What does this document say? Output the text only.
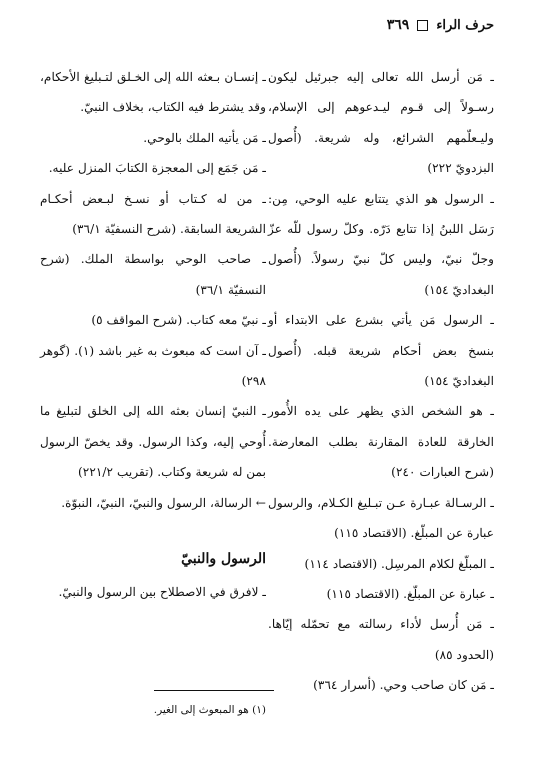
حرف الراء
٣٦٩

ـ مَن أرسل الله تعالى إليه جبرئيل ليكون رسـولاً إلى قـوم ليـدعوهم إلى الإسلام، وليـعلّمهم الشرائع، وله شريعة. (أُصول البزدويّ ٢٢٢)

ـ الرسول هو الذي يتتابع عليه الوحي، مِن: رَسَل اللبنُ إذا تتابع دَرّه. وكلّ رسول للّه عزّ وجلّ نبيّ، وليس كلّ نبيّ رسولاً. (أُصول البغداديّ ١٥٤)

ـ الرسول مَن يأتي بشرع على الابتداء أو بنسخ بعض أحكام شريعة قبله. (أُصول البغداديّ ١٥٤)

ـ هو الشخص الذي يظهر على يده الأُمور الخارقة للعادة المقارنة بطلب المعارضة. (شرح العبارات ٢٤٠)

ـ الرسـالة عبـارة عـن تبـليغ الكـلام، والرسول عبارة عن المبلّغ. (الاقتصاد ١١٥)

ـ المبلّغ لكلام المرسِل. (الاقتصاد ١١٤)

ـ عبارة عن المبلّغ. (الاقتصاد ١١٥)

ـ مَن أُرسل لأداء رسالته مع تحمّله إيّاها. (الحدود ٨٥)

ـ مَن كان صاحب وحي. (أسرار ٣٦٤)

ـ إنسـان بـعثه الله إلى الخـلق لتـبليغ الأحكام، وقد يشترط فيه الكتاب، بخلاف النبيّ.

ـ مَن يأتيه الملك بالوحي.

ـ مَن جَمَع إلى المعجزة الكتابَ المنزل عليه.

ـ من له كـتاب أو نسـخ لبـعض أحكـام الشريعة السابقة. (شرح النسفيّة ٣٦/١)

ـ صاحب الوحي بواسطة الملك. (شرح النسفيّة ٣٦/١)

ـ نبيّ معه كتاب. (شرح المواقف ٥)

ـ آن است كه مبعوث به غير باشد (١). (گوهر ٢٩٨)

ـ النبيّ إنسان بعثه الله إلى الخلق لتبليغ ما أُوحي إليه، وكذا الرسول. وقد يخصّ الرسول بمن له شريعة وكتاب. (تقريب ٢٢١/٢)

← الرسالة، الرسول والنبيّ، النبيّ، النبوّة.

الرسول والنبيّ

ـ لافرق في الاصطلاح بين الرسول والنبيّ.

(١) هو المبعوث إلى الغير.
